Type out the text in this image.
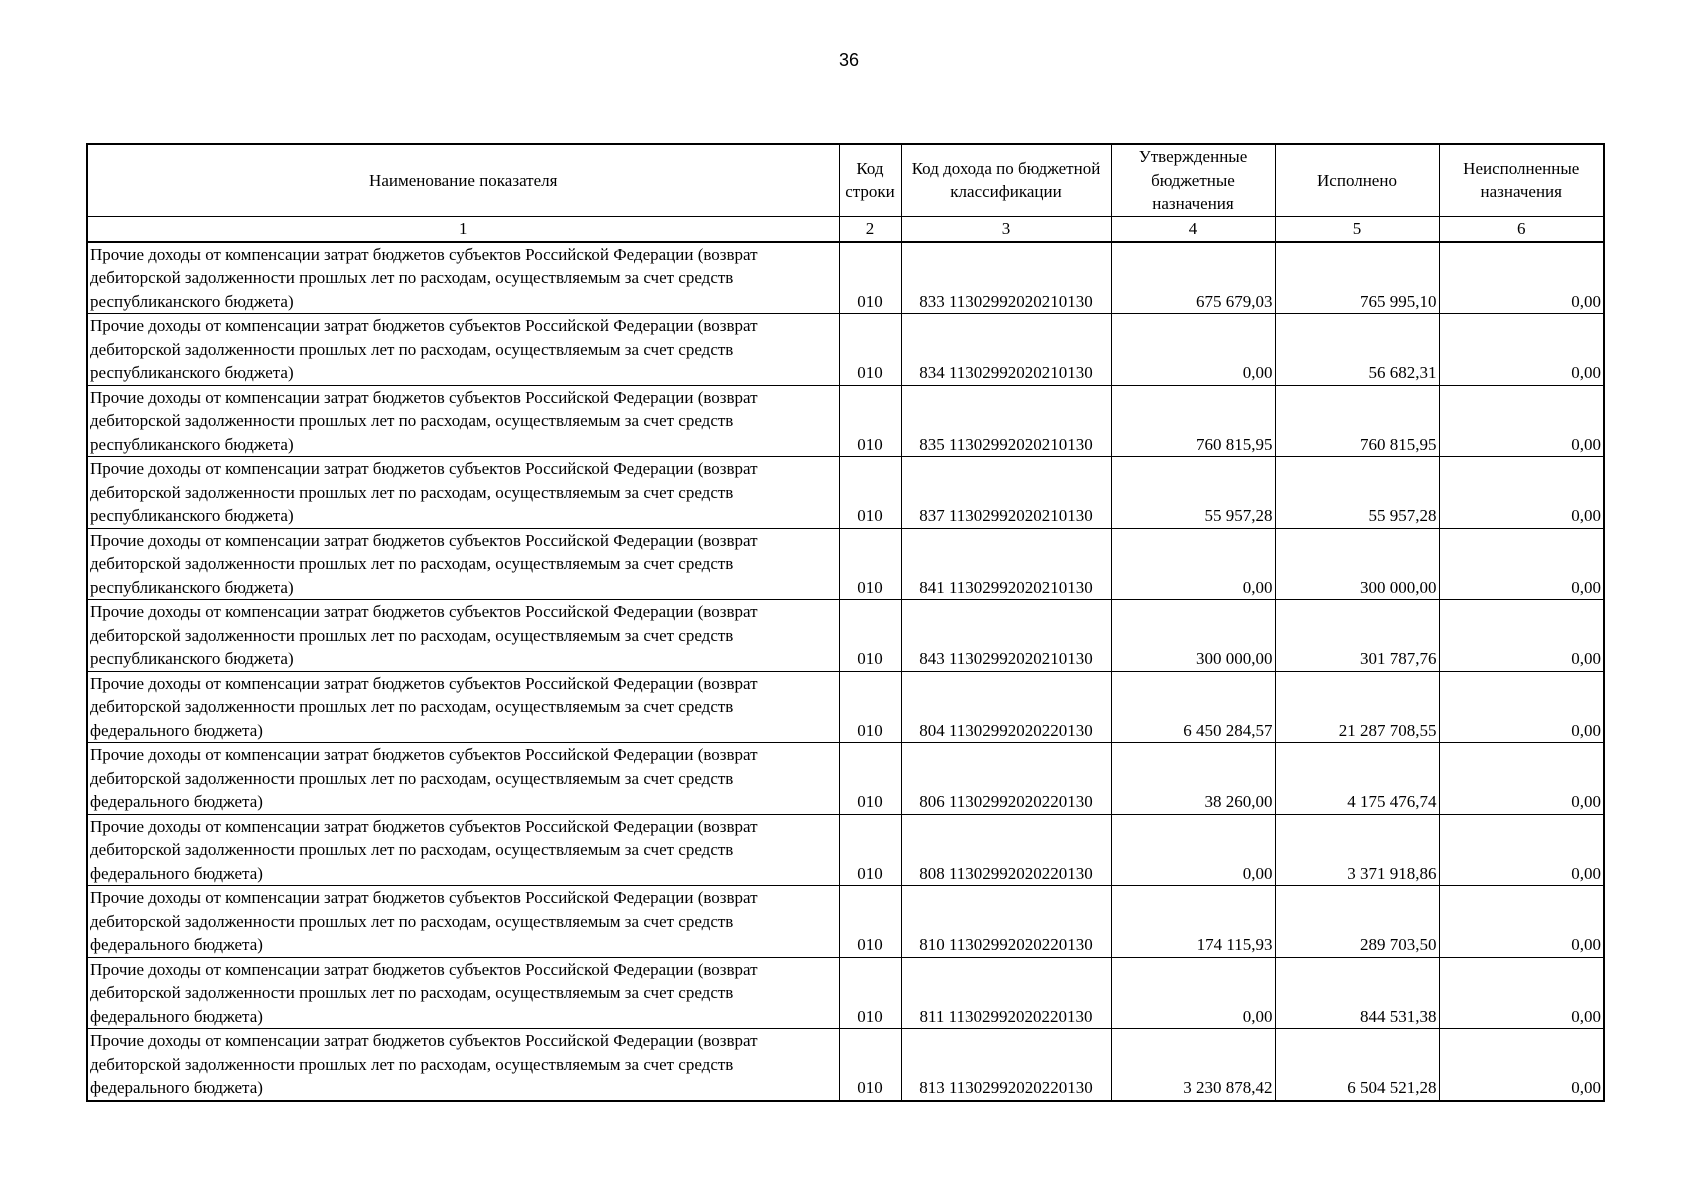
36
Наименование показателя	Код строки	Код дохода по бюджетной классификации	Утвержденные бюджетные назначения	Исполнено	Неисполненные назначения
1	2	3	4	5	6
Прочие доходы от компенсации затрат бюджетов субъектов Российской Федерации (возврат дебиторской задолженности прошлых лет по расходам, осуществляемым за счет средств республиканского бюджета)	010	833 11302992020210130	675 679,03	765 995,10	0,00
Прочие доходы от компенсации затрат бюджетов субъектов Российской Федерации (возврат дебиторской задолженности прошлых лет по расходам, осуществляемым за счет средств республиканского бюджета)	010	834 11302992020210130	0,00	56 682,31	0,00
Прочие доходы от компенсации затрат бюджетов субъектов Российской Федерации (возврат дебиторской задолженности прошлых лет по расходам, осуществляемым за счет средств республиканского бюджета)	010	835 11302992020210130	760 815,95	760 815,95	0,00
Прочие доходы от компенсации затрат бюджетов субъектов Российской Федерации (возврат дебиторской задолженности прошлых лет по расходам, осуществляемым за счет средств республиканского бюджета)	010	837 11302992020210130	55 957,28	55 957,28	0,00
Прочие доходы от компенсации затрат бюджетов субъектов Российской Федерации (возврат дебиторской задолженности прошлых лет по расходам, осуществляемым за счет средств республиканского бюджета)	010	841 11302992020210130	0,00	300 000,00	0,00
Прочие доходы от компенсации затрат бюджетов субъектов Российской Федерации (возврат дебиторской задолженности прошлых лет по расходам, осуществляемым за счет средств республиканского бюджета)	010	843 11302992020210130	300 000,00	301 787,76	0,00
Прочие доходы от компенсации затрат бюджетов субъектов Российской Федерации (возврат дебиторской задолженности прошлых лет по расходам, осуществляемым за счет средств федерального бюджета)	010	804 11302992020220130	6 450 284,57	21 287 708,55	0,00
Прочие доходы от компенсации затрат бюджетов субъектов Российской Федерации (возврат дебиторской задолженности прошлых лет по расходам, осуществляемым за счет средств федерального бюджета)	010	806 11302992020220130	38 260,00	4 175 476,74	0,00
Прочие доходы от компенсации затрат бюджетов субъектов Российской Федерации (возврат дебиторской задолженности прошлых лет по расходам, осуществляемым за счет средств федерального бюджета)	010	808 11302992020220130	0,00	3 371 918,86	0,00
Прочие доходы от компенсации затрат бюджетов субъектов Российской Федерации (возврат дебиторской задолженности прошлых лет по расходам, осуществляемым за счет средств федерального бюджета)	010	810 11302992020220130	174 115,93	289 703,50	0,00
Прочие доходы от компенсации затрат бюджетов субъектов Российской Федерации (возврат дебиторской задолженности прошлых лет по расходам, осуществляемым за счет средств федерального бюджета)	010	811 11302992020220130	0,00	844 531,38	0,00
Прочие доходы от компенсации затрат бюджетов субъектов Российской Федерации (возврат дебиторской задолженности прошлых лет по расходам, осуществляемым за счет средств федерального бюджета)	010	813 11302992020220130	3 230 878,42	6 504 521,28	0,00
